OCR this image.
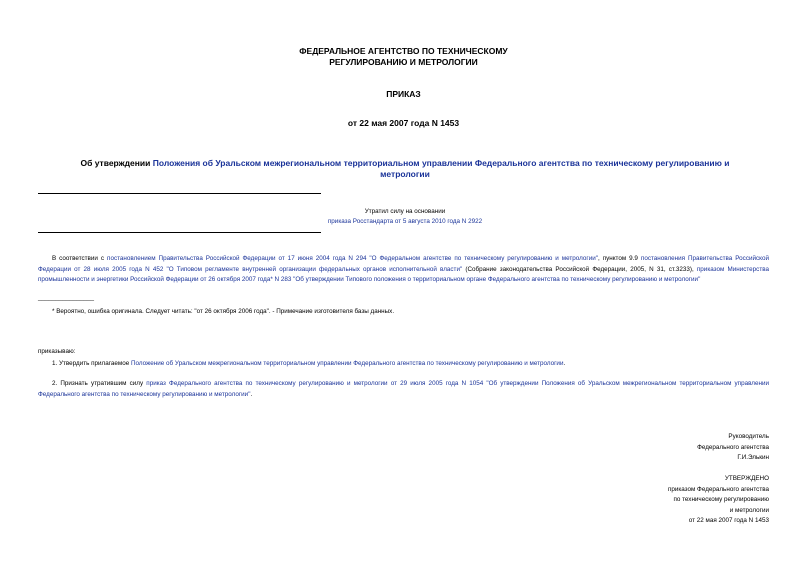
ФЕДЕРАЛЬНОЕ АГЕНТСТВО ПО ТЕХНИЧЕСКОМУ
РЕГУЛИРОВАНИЮ И МЕТРОЛОГИИ
ПРИКАЗ
от 22 мая 2007 года N 1453
Об утверждении Положения об Уральском межрегиональном территориальном управлении Федерального агентства по техническому регулированию и метрологии
Утратил силу на основании
приказа Росстандарта от 5 августа 2010 года N 2922
В соответствии с постановлением Правительства Российской Федерации от 17 июня 2004 года N 294 "О Федеральном агентстве по техническому регулированию и метрологии", пунктом 9.9 постановления Правительства Российской Федерации от 28 июля 2005 года N 452 "О Типовом регламенте внутренней организации федеральных органов исполнительной власти" (Собрание законодательства Российской Федерации, 2005, N 31, ст.3233), приказом Министерства промышленности и энергетики Российской Федерации от 26 октября 2007 года* N 283 "Об утверждении Типового положения о территориальном органе Федерального агентства по техническому регулированию и метрологии"
________________
* Вероятно, ошибка оригинала. Следует читать: "от 26 октября 2006 года". - Примечание изготовителя базы данных.
приказываю:
1. Утвердить прилагаемое Положение об Уральском межрегиональном территориальном управлении Федерального агентства по техническому регулированию и метрологии.
2. Признать утратившим силу приказ Федерального агентства по техническому регулированию и метрологии от 29 июля 2005 года N 1054 "Об утверждении Положения об Уральском межрегиональном территориальном управлении Федерального агентства по техническому регулированию и метрологии".
Руководитель
Федерального агентства
Г.И.Элькин
УТВЕРЖДЕНО
приказом Федерального агентства
по техническому регулированию
и метрологии
от 22 мая 2007 года N 1453
